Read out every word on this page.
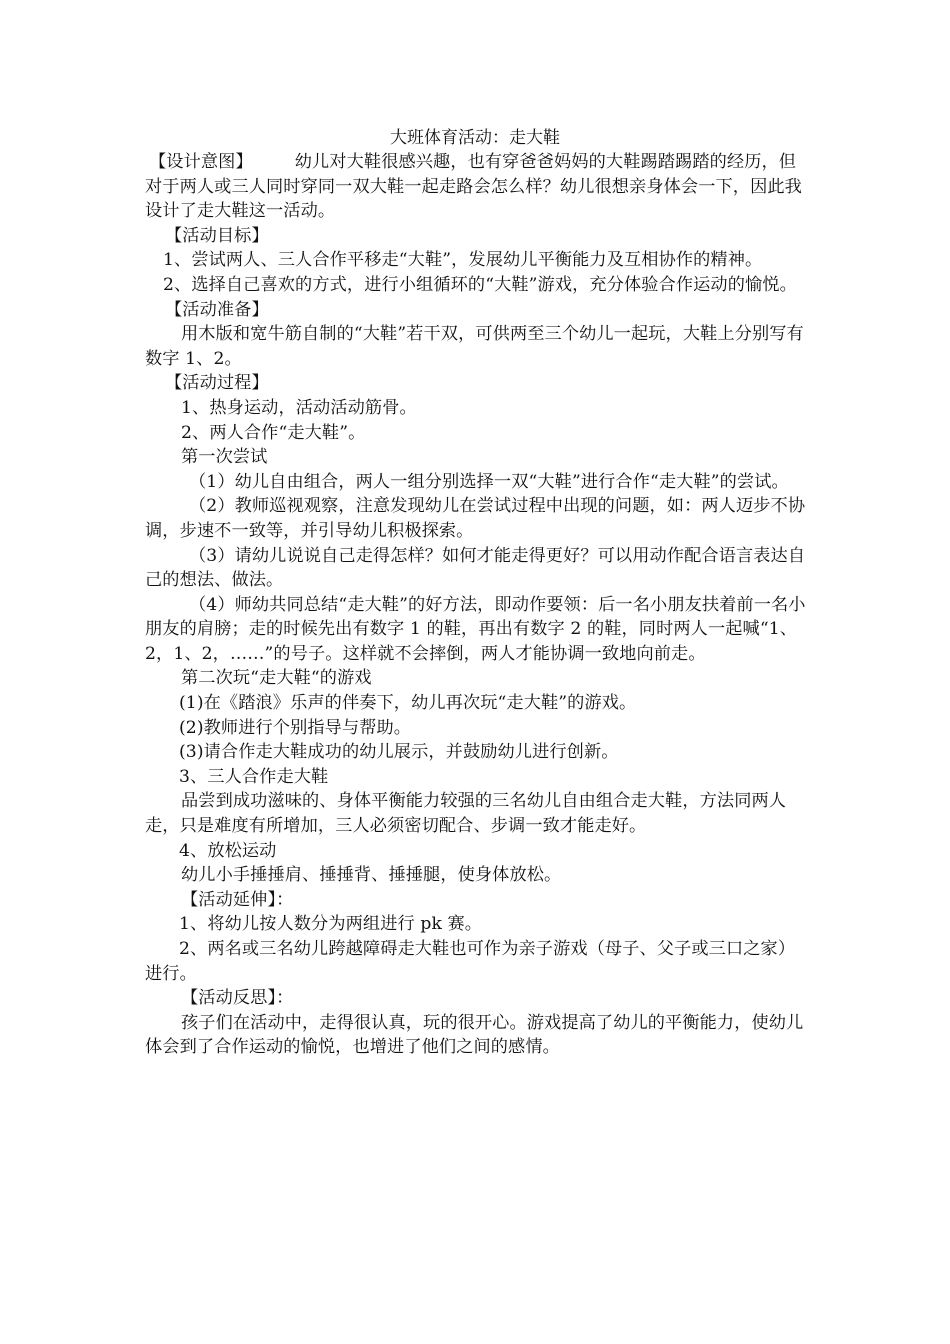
大班体育活动：走大鞋

【设计意图】 幼儿对大鞋很感兴趣，也有穿爸爸妈妈的大鞋踢踏踢踏的经历，但对于两人或三人同时穿同一双大鞋一起走路会怎么样？幼儿很想亲身体会一下，因此我设计了走大鞋这一活动。

【活动目标】

1、尝试两人、三人合作平移走“大鞋”，发展幼儿平衡能力及互相协作的精神。

2、选择自己喜欢的方式，进行小组循环的“大鞋”游戏，充分体验合作运动的愉悦。

【活动准备】

用木版和宽牛筋自制的“大鞋”若干双，可供两至三个幼儿一起玩，大鞋上分别写有数字 1、2。

【活动过程】

1、热身运动，活动活动筋骨。

2、两人合作“走大鞋”。

第一次尝试

（1）幼儿自由组合，两人一组分别选择一双“大鞋”进行合作“走大鞋”的尝试。

（2）教师巡视观察，注意发现幼儿在尝试过程中出现的问题，如：两人迈步不协调，步速不一致等，并引导幼儿积极探索。

（3）请幼儿说说自己走得怎样？如何才能走得更好？可以用动作配合语言表达自己的想法、做法。

（4）师幼共同总结“走大鞋”的好方法，即动作要领：后一名小朋友扶着前一名小朋友的肩膀；走的时候先出有数字 1 的鞋，再出有数字 2 的鞋，同时两人一起喊“1、2，1、2，……”的号子。这样就不会摔倒，两人才能协调一致地向前走。

第二次玩“走大鞋“的游戏

(1)在《踏浪》乐声的伴奏下，幼儿再次玩“走大鞋”的游戏。

(2)教师进行个别指导与帮助。

(3)请合作走大鞋成功的幼儿展示，并鼓励幼儿进行创新。

3、三人合作走大鞋

品尝到成功滋味的、身体平衡能力较强的三名幼儿自由组合走大鞋，方法同两人走，只是难度有所增加，三人必须密切配合、步调一致才能走好。

4、放松运动

幼儿小手捶捶肩、捶捶背、捶捶腿，使身体放松。

【活动延伸】：

1、将幼儿按人数分为两组进行 pk 赛。

2、两名或三名幼儿跨越障碍走大鞋也可作为亲子游戏（母子、父子或三口之家）进行。

【活动反思】：

孩子们在活动中，走得很认真，玩的很开心。游戏提高了幼儿的平衡能力，使幼儿体会到了合作运动的愉悦，也增进了他们之间的感情。
